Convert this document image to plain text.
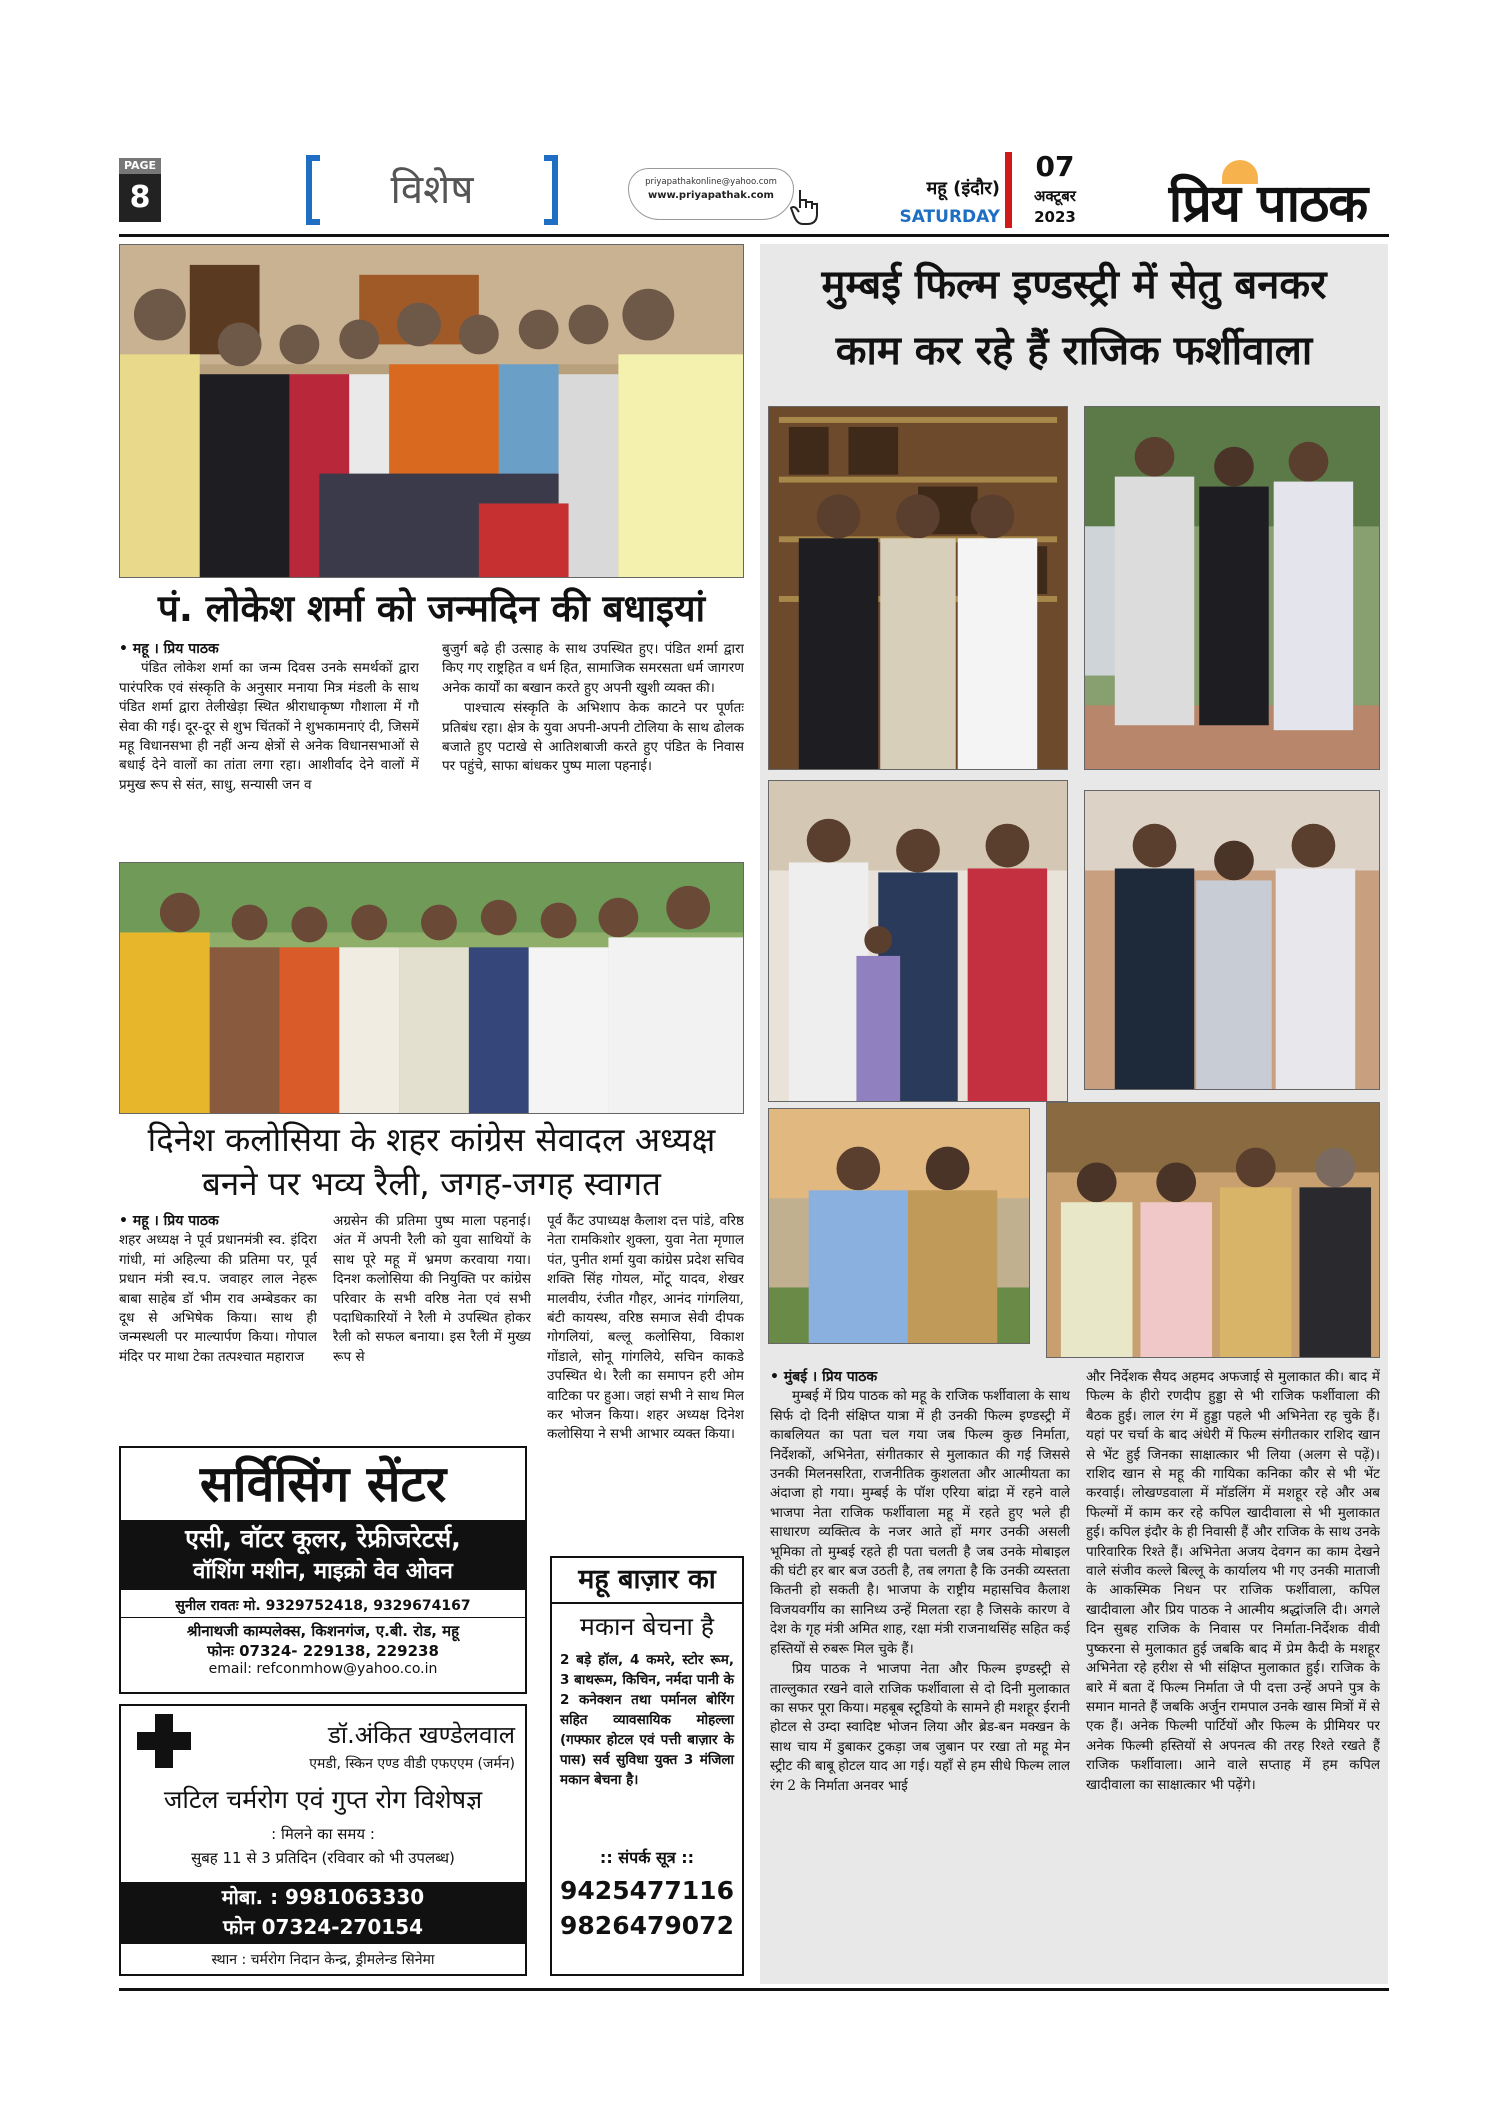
PAGE
8	विशेष	priyapathakonline@yahoo.com
www.priyapathak.com	महू (इंदौर)
SATURDAY
07
अक्टूबर
2023	प्रिय पाठक
पं. लोकेश शर्मा को जन्मदिन की बधाइयां
• महू । प्रिय पाठक

पंडित लोकेश शर्मा का जन्म दिवस उनके समर्थकों द्वारा पारंपरिक एवं संस्कृति के अनुसार मनाया मित्र मंडली के साथ पंडित शर्मा द्वारा तेलीखेड़ा स्थित श्रीराधाकृष्ण गौशाला में गौ सेवा की गई। दूर-दूर से शुभ चिंतकों ने शुभकामनाएं दी, जिसमें महू विधानसभा ही नहीं अन्य क्षेत्रों से अनेक विधानसभाओं से बधाई देने वालों का तांता लगा रहा। आशीर्वाद देने वालों में प्रमुख रूप से संत, साधु, सन्यासी जन व

बुजुर्ग बढ़े ही उत्साह के साथ उपस्थित हुए। पंडित शर्मा द्वारा किए गए राष्ट्रहित व धर्म हित, सामाजिक समरसता धर्म जागरण अनेक कार्यों का बखान करते हुए अपनी खुशी व्यक्त की।

पाश्चात्य संस्कृति के अभिशाप केक काटने पर पूर्णतः प्रतिबंध रहा। क्षेत्र के युवा अपनी-अपनी टोलिया के साथ ढोलक बजाते हुए पटाखे से आतिशबाजी करते हुए पंडित के निवास पर पहुंचे, साफा बांधकर पुष्प माला पहनाई।

दिनेश कलोसिया के शहर कांग्रेस सेवादल अध्यक्ष
बनने पर भव्य रैली, जगह-जगह स्वागत
• महू । प्रिय पाठक

शहर अध्यक्ष ने पूर्व प्रधानमंत्री स्व. इंदिरा गांधी, मां अहिल्या की प्रतिमा पर, पूर्व प्रधान मंत्री स्व.प. जवाहर लाल नेहरू बाबा साहेब डॉ भीम राव अम्बेडकर का दूध से अभिषेक किया। साथ ही जन्मस्थली पर माल्यार्पण किया। गोपाल मंदिर पर माथा टेका तत्पश्चात महाराज

अग्रसेन की प्रतिमा पुष्प माला पहनाई। अंत में अपनी रैली को युवा साथियों के साथ पूरे महू में भ्रमण करवाया गया। दिनश कलोसिया की नियुक्ति पर कांग्रेस परिवार के सभी वरिष्ठ नेता एवं सभी पदाधिकारियों ने रैली मे उपस्थित होकर रैली को सफल बनाया। इस रैली में मुख्य रूप से

पूर्व कैंट उपाध्यक्ष कैलाश दत्त पांडे, वरिष्ठ नेता रामकिशोर शुक्ला, युवा नेता मृणाल पंत, पुनीत शर्मा युवा कांग्रेस प्रदेश सचिव शक्ति सिंह गोयल, मोंटू यादव, शेखर मालवीय, रंजीत गौहर, आनंद गांगलिया, बंटी कायस्थ, वरिष्ठ समाज सेवी दीपक गोगलियां, बल्लू कलोसिया, विकाश गोंडाले, सोनू गांगलिये, सचिन काकडे उपस्थित थे। रैली का समापन हरी ओम वाटिका पर हुआ। जहां सभी ने साथ मिल कर भोजन किया। शहर अध्यक्ष दिनेश कलोसिया ने सभी आभार व्यक्त किया।

सर्विसिंग सेंटर
एसी, वॉटर कूलर, रेफ्रीजरेटर्स,
वॉशिंग मशीन, माइक्रो वेव ओवन
सुनील रावतः मो. 9329752418, 9329674167
श्रीनाथजी काम्पलेक्स, किशनगंज, ए.बी. रोड, महू
फोनः 07324- 229138, 229238
email: refconmhow@yahoo.co.in
डॉ.अंकित खण्डेलवाल
एमडी, स्किन एण्ड वीडी एफएएम (जर्मन)
जटिल चर्मरोग एवं गुप्त रोग विशेषज्ञ
: मिलने का समय :
सुबह 11 से 3 प्रतिदिन (रविवार को भी उपलब्ध)
मोबा. : 9981063330
फोन 07324-270154
स्थान : चर्मरोग निदान केन्द्र, ड्रीमलेन्ड सिनेमा
महू बाज़ार का
मकान बेचना है
2 बड़े हॉल, 4 कमरे, स्टोर रूम, 3 बाथरूम, किचिन, नर्मदा पानी के 2 कनेक्शन तथा पर्मानल बोरिंग सहित व्यावसायिक मोहल्ला (गफ्फार होटल एवं पत्ती बाज़ार के पास) सर्व सुविधा युक्त 3 मंजिला मकान बेचना है।
:: संपर्क सूत्र ::
9425477116
9826479072
मुम्बई फिल्म इण्डस्ट्री में सेतु बनकर
काम कर रहे हैं राजिक फर्शीवाला
• मुंबई । प्रिय पाठक

मुम्बई में प्रिय पाठक को महू के राजिक फर्शीवाला के साथ सिर्फ दो दिनी संक्षिप्त यात्रा में ही उनकी फिल्म इण्डस्ट्री में काबलियत का पता चल गया जब फिल्म कुछ निर्माता, निर्देशकों, अभिनेता, संगीतकार से मुलाकात की गई जिससे उनकी मिलनसरिता, राजनीतिक कुशलता और आत्मीयता का अंदाजा हो गया। मुम्बई के पॉश एरिया बांद्रा में रहने वाले भाजपा नेता राजिक फर्शीवाला महू में रहते हुए भले ही साधारण व्यक्तित्व के नजर आते हों मगर उनकी असली भूमिका तो मुम्बई रहते ही पता चलती है जब उनके मोबाइल की घंटी हर बार बज उठती है, तब लगता है कि उनकी व्यस्तता कितनी हो सकती है। भाजपा के राष्ट्रीय महासचिव कैलाश विजयवर्गीय का सानिध्य उन्हें मिलता रहा है जिसके कारण वे देश के गृह मंत्री अमित शाह, रक्षा मंत्री राजनाथसिंह सहित कई हस्तियों से रुबरू मिल चुके हैं।

प्रिय पाठक ने भाजपा नेता और फिल्म इण्डस्ट्री से ताल्लुकात रखने वाले राजिक फर्शीवाला से दो दिनी मुलाकात का सफर पूरा किया। महबूब स्टूडियो के सामने ही मशहूर ईरानी होटल से उम्दा स्वादिष्ट भोजन लिया और ब्रेड-बन मक्खन के साथ चाय में डुबाकर टुकड़ा जब जुबान पर रखा तो महू मेन स्ट्रीट की बाबू होटल याद आ गई। यहाँ से हम सीधे फिल्म लाल रंग 2 के निर्माता अनवर भाई

और निर्देशक सैयद अहमद अफजाई से मुलाकात की। बाद में फिल्म के हीरो रणदीप हुड्डा से भी राजिक फर्शीवाला की बैठक हुई। लाल रंग में हुड्डा पहले भी अभिनेता रह चुके हैं। यहां पर चर्चा के बाद अंधेरी में फिल्म संगीतकार राशिद खान से भेंट हुई जिनका साक्षात्कार भी लिया (अलग से पढ़ें)। राशिद खान से महू की गायिका कनिका कौर से भी भेंट करवाई। लोखण्डवाला में मॉडलिंग में मशहूर रहे और अब फिल्मों में काम कर रहे कपिल खादीवाला से भी मुलाकात हुई। कपिल इंदौर के ही निवासी हैं और राजिक के साथ उनके पारिवारिक रिश्ते हैं। अभिनेता अजय देवगन का काम देखने वाले संजीव कल्ले बिल्लू के कार्यालय भी गए उनकी माताजी के आकस्मिक निधन पर राजिक फर्शीवाला, कपिल खादीवाला और प्रिय पाठक ने आत्मीय श्रद्धांजलि दी। अगले दिन सुबह राजिक के निवास पर निर्माता-निर्देशक वीवी पुष्करना से मुलाकात हुई जबकि बाद में प्रेम कैदी के मशहूर अभिनेता रहे हरीश से भी संक्षिप्त मुलाकात हुई। राजिक के बारे में बता दें फिल्म निर्माता जे पी दत्ता उन्हें अपने पुत्र के समान मानते हैं जबकि अर्जुन रामपाल उनके खास मित्रों में से एक हैं। अनेक फिल्मी पार्टियों और फिल्म के प्रीमियर पर अनेक फिल्मी हस्तियों से अपनत्व की तरह रिश्ते रखते हैं राजिक फर्शीवाला। आने वाले सप्ताह में हम कपिल खादीवाला का साक्षात्कार भी पढ़ेंगे।
